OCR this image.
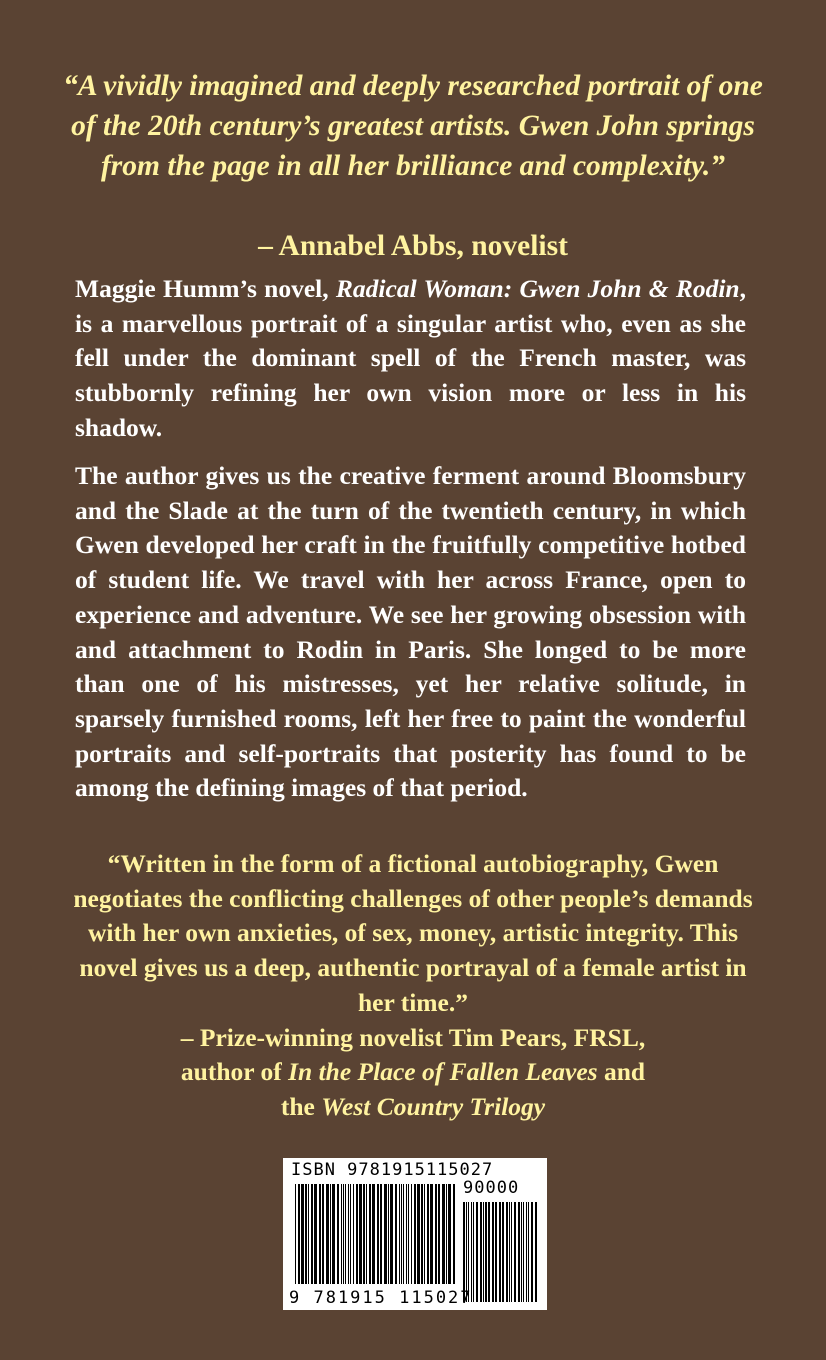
“A vividly imagined and deeply researched portrait of one of the 20th century’s greatest artists. Gwen John springs from the page in all her brilliance and complexity.”
– Annabel Abbs, novelist
Maggie Humm’s novel, Radical Woman: Gwen John & Rodin, is a marvellous portrait of a singular artist who, even as she fell under the dominant spell of the French master, was stubbornly refining her own vision more or less in his shadow.
The author gives us the creative ferment around Bloomsbury and the Slade at the turn of the twentieth century, in which Gwen developed her craft in the fruitfully competitive hotbed of student life. We travel with her across France, open to experience and adventure. We see her growing obsession with and attachment to Rodin in Paris. She longed to be more than one of his mistresses, yet her relative solitude, in sparsely furnished rooms, left her free to paint the wonderful portraits and self-portraits that posterity has found to be among the defining images of that period.

“Written in the form of a fictional autobiography, Gwen negotiates the conflicting challenges of other people’s demands with her own anxieties, of sex, money, artistic integrity. This novel gives us a deep, authentic portrayal of a female artist in her time.”

– Prize-winning novelist Tim Pears, FRSL,

author of In the Place of Fallen Leaves and

the West Country Trilogy

ISBN 9781915115027
90000
9 781915 115027
